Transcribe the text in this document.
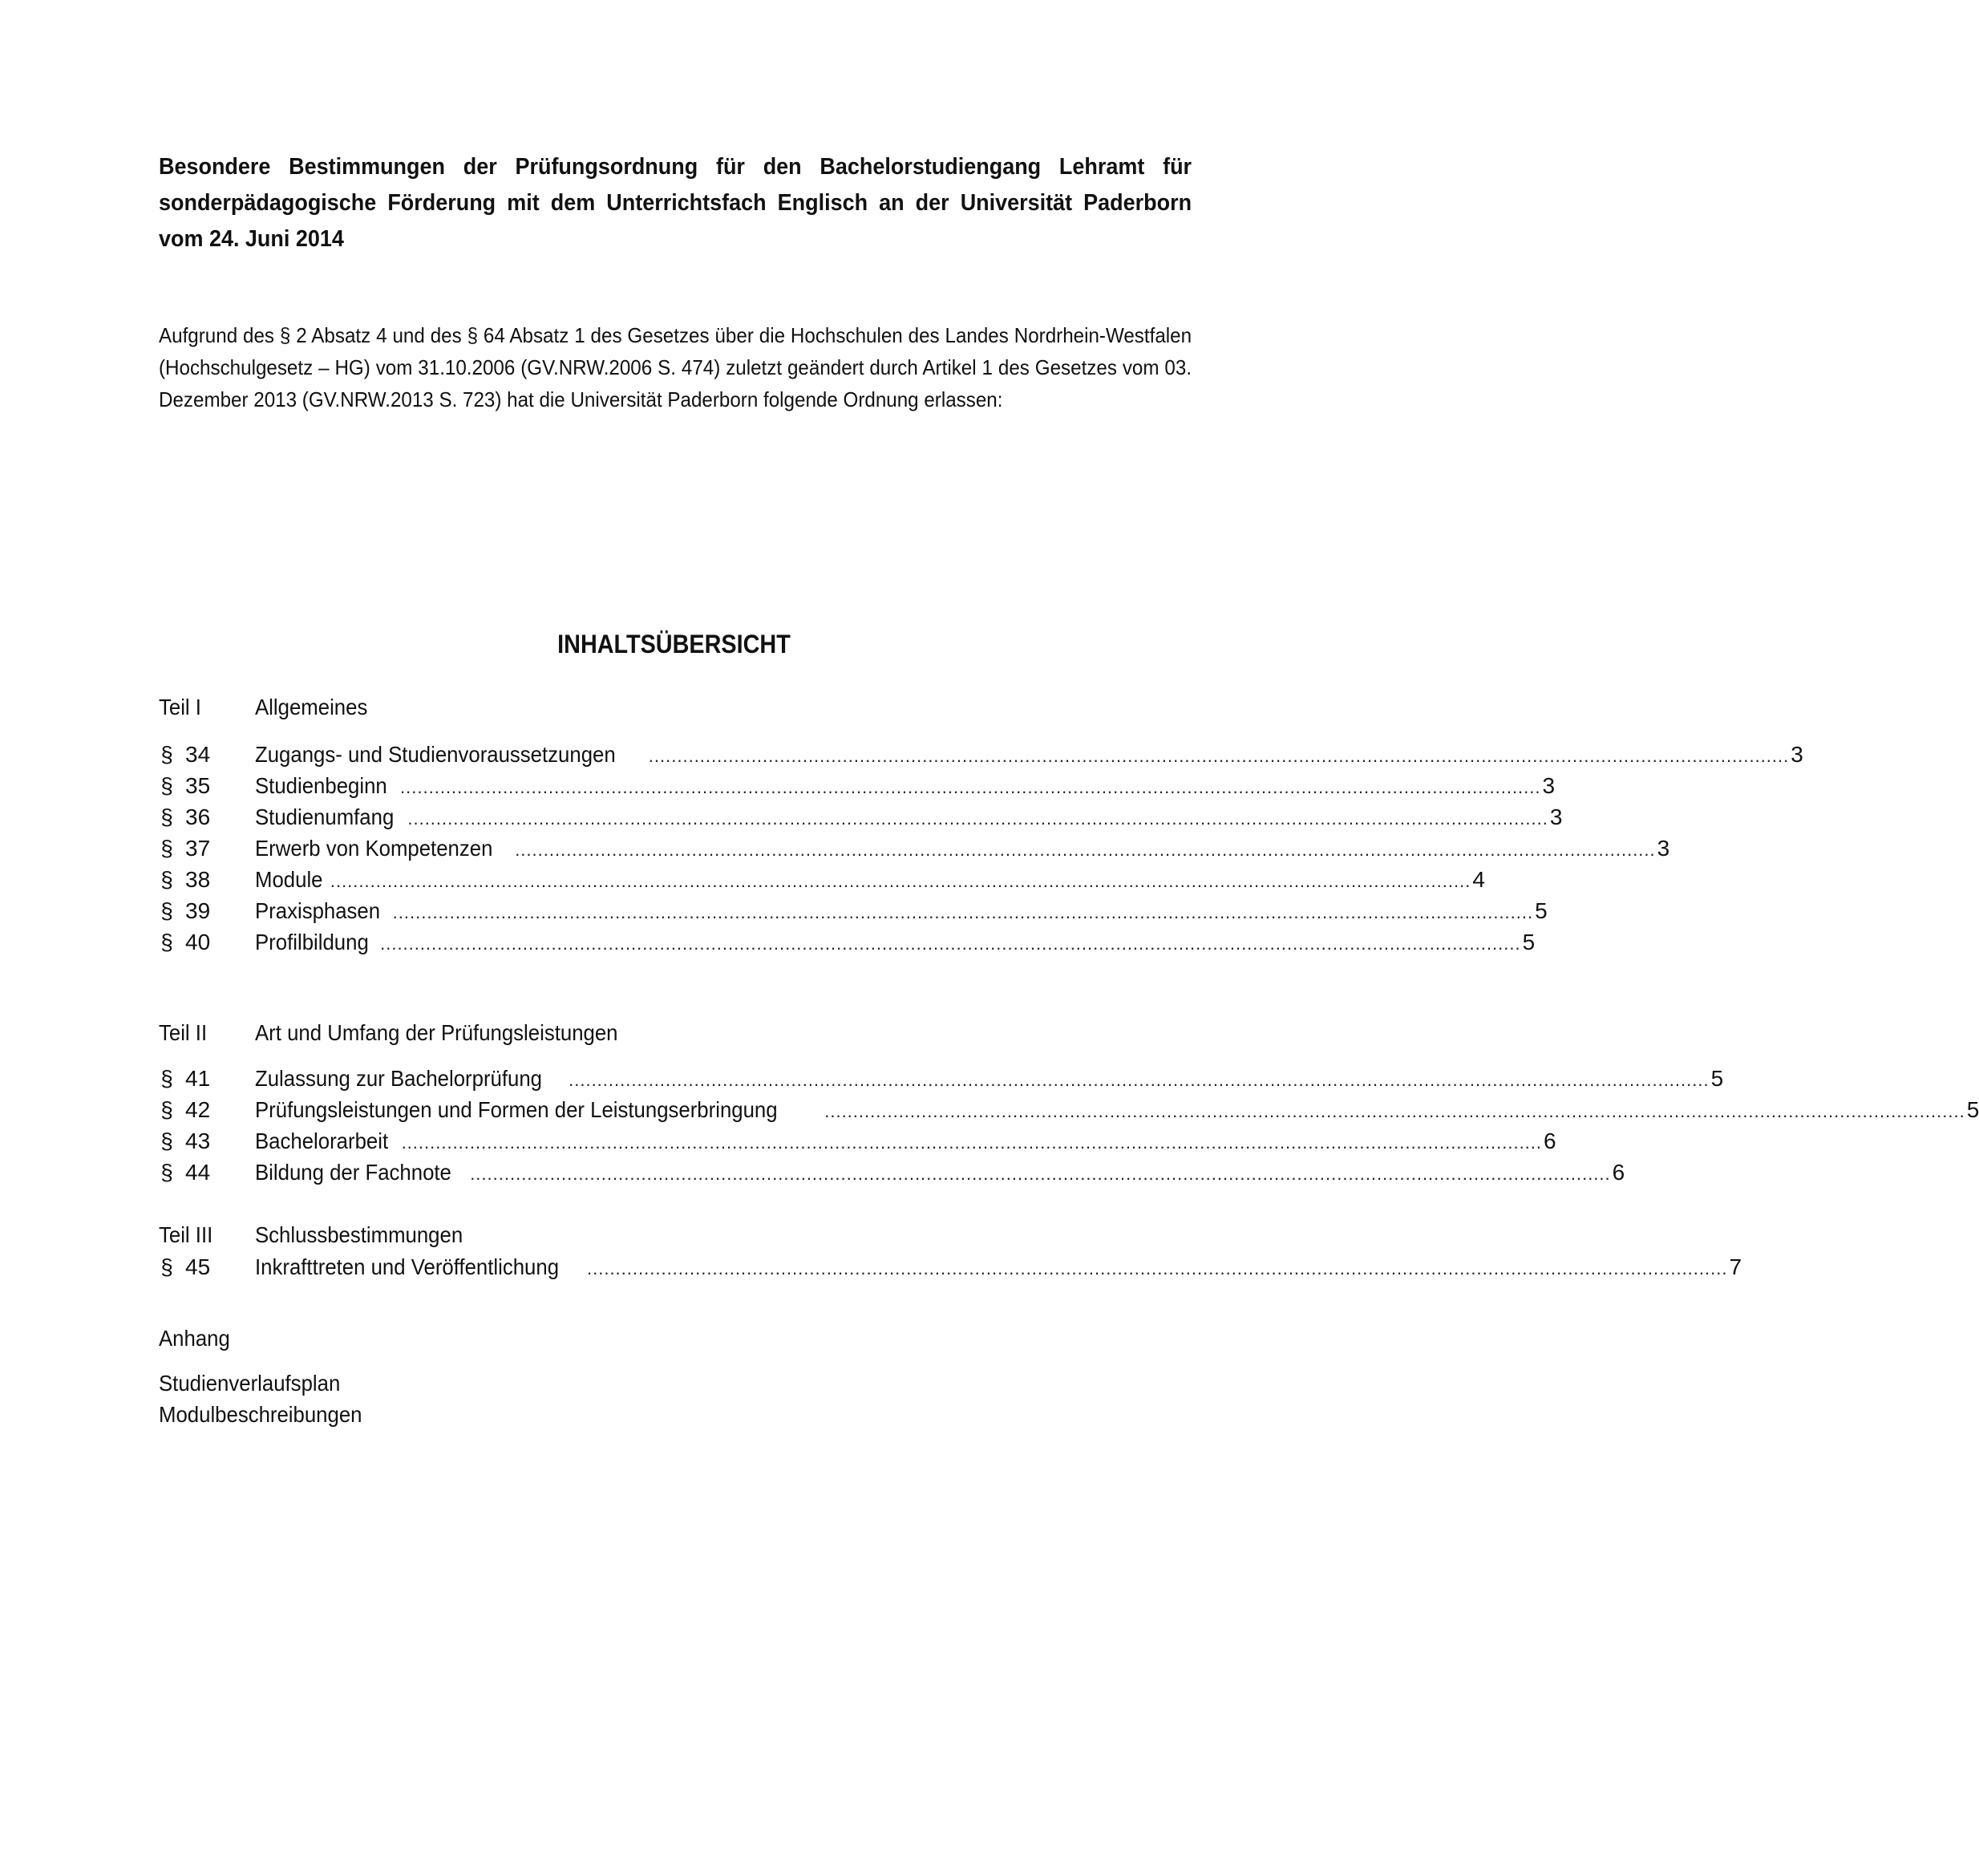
Besondere Bestimmungen der Prüfungsordnung für den Bachelorstudiengang Lehramt für sonderpädagogische Förderung mit dem Unterrichtsfach Englisch an der Universität Paderborn vom 24. Juni 2014
Aufgrund des § 2 Absatz 4 und des § 64 Absatz 1 des Gesetzes über die Hochschulen des Landes Nordrhein-Westfalen (Hochschulgesetz – HG) vom 31.10.2006 (GV.NRW.2006 S. 474) zuletzt geändert durch Artikel 1 des Gesetzes vom 03. Dezember 2013 (GV.NRW.2013 S. 723) hat die Universität Paderborn folgende Ordnung erlassen:
INHALTSÜBERSICHT
Teil I Allgemeines
§ 34 Zugangs- und Studienvoraussetzungen ........................................................................................................................................................................................................ 3
§ 35 Studienbeginn ........................................................................................................................................................................................................ 3
§ 36 Studienumfang ........................................................................................................................................................................................................ 3
§ 37 Erwerb von Kompetenzen ........................................................................................................................................................................................................ 3
§ 38 Module ........................................................................................................................................................................................................ 4
§ 39 Praxisphasen ........................................................................................................................................................................................................ 5
§ 40 Profilbildung ........................................................................................................................................................................................................ 5
Teil II Art und Umfang der Prüfungsleistungen
§ 41 Zulassung zur Bachelorprüfung ........................................................................................................................................................................................................ 5
§ 42 Prüfungsleistungen und Formen der Leistungserbringung	........................................................................................................................................................................................................ 5
§ 43 Bachelorarbeit ........................................................................................................................................................................................................ 6
§ 44 Bildung der Fachnote ........................................................................................................................................................................................................ 6
Teil III Schlussbestimmungen
§ 45 Inkrafttreten und Veröffentlichung ........................................................................................................................................................................................................ 7
Anhang
Studienverlaufsplan
Modulbeschreibungen
